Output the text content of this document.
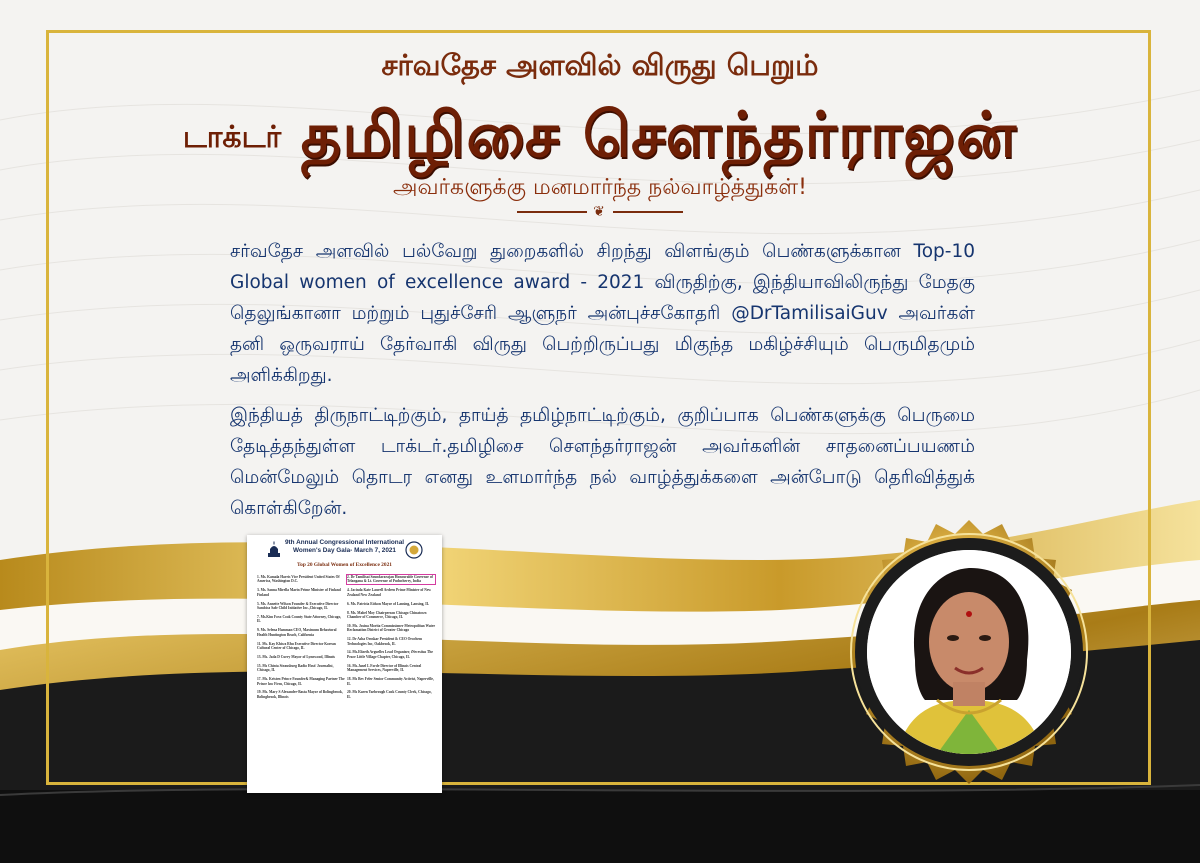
சர்வதேச அளவில் விருது பெறும்
டாக்டர் தமிழிசை சௌந்தர்ராஜன்
அவர்களுக்கு மனமார்ந்த நல்வாழ்த்துகள்!
❦
சர்வதேச அளவில் பல்வேறு துறைகளில் சிறந்து விளங்கும் பெண்களுக்கான Top-10 Global women of excellence award - 2021 விருதிற்கு, இந்தியாவிலிருந்து மேதகு தெலுங்கானா மற்றும் புதுச்சேரி ஆளுநர் அன்புச்சகோதரி @DrTamilisaiGuv அவர்கள் தனி ஒருவராய் தேர்வாகி விருது பெற்றிருப்பது மிகுந்த மகிழ்ச்சியும் பெருமிதமும் அளிக்கிறது.
இந்தியத் திருநாட்டிற்கும், தாய்த் தமிழ்நாட்டிற்கும், குறிப்பாக பெண்களுக்கு பெருமை தேடித்தந்துள்ள டாக்டர்.தமிழிசை சௌந்தர்ராஜன் அவர்களின் சாதனைப்பயணம் மென்மேலும் தொடர எனது உளமார்ந்த நல் வாழ்த்துக்களை அன்போடு தெரிவித்துக் கொள்கிறேன்.
9th Annual Congressional International
Women's Day Gala- March 7, 2021
Top 20 Global Women of Excellence 2021
1. Ms. Kamala Harris Vice President United States Of America, Washington D.C.
3. Ms. Sanna Mirella Marin Prime Minister of Finland Finland
5. Ms. Annette Wilson Founder & Executive Director Sambica Safe Child Initiative Inc.,Chicago, IL
7. Ms.Kim Foxx Cook County State Attorney, Chicago, IL
9. Ms. Selena Hamman CEO, Maximum Behavioral Health Huntington Beach, California
11. Ms. Kay Khiwa Rhu Executive Director Korean Cultural Center of Chicago, IL
13. Ms. Jada D Curry Mayor of Lynnwood, Illinois
15. Ms Chinta Strausburg Radio Host/ Journalist, Chicago, IL
17. Ms. Kristen Prince Founder& Managing Partner The Prince law Firm, Chicago, IL
19. Ms. Mary S Alexander-Basta Mayor of Bolingbrook, Bolingbrook, Illinois
2. Dr Tamilisai Soundararajan Honourable Governor of Telangana & Lt. Governor of Puducherry, India
4. Jacinda Kate Laurell Ardern Prime Minister of New Zealand New Zealand
6. Ms. Patricia Eidson Mayor of Lansing, Lansing, IL
8. Ms. Mabel Moy Chairperson Chicago Chinatown Chamber of Commerce, Chicago, IL
10. Ms. Josina Morita Commissioner Metropolitan Water Reclamation District of Greater Chicago
12. Dr Asha Oroskar President & CEO Orochem Technologies Inc, Oakbrook, IL
14. Ms.Elizeth Arguelles Lead Organizer, iNecesitas The Peace Little Village Chapter, Chicago, IL
16. Ms.Janel L Forde Director of Illinois Central Management Services, Naperville, IL
18. Ms Bev Feler Senior Community Activist, Naperville, IL
20. Ms Karen Yarbrough Cook County Clerk, Chicago, IL
